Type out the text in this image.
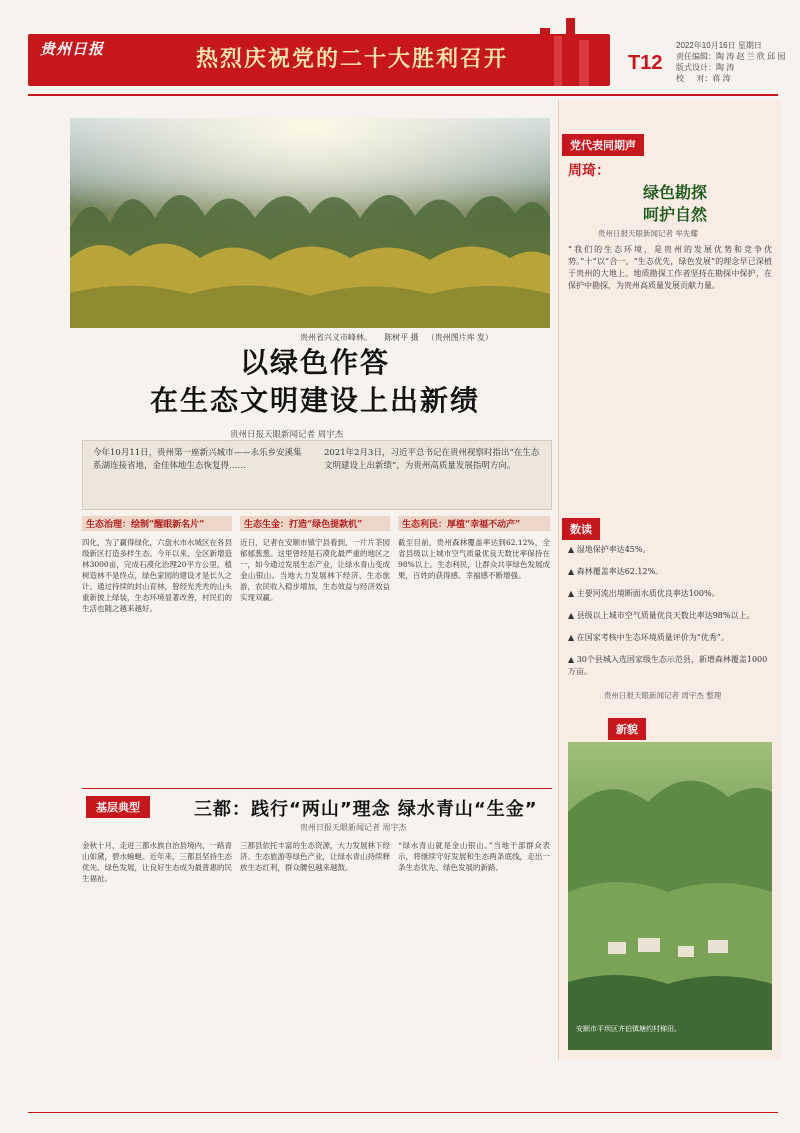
贵州日报	热烈庆祝党的二十大胜利召开	T12
2022年10月16日 星期日
责任编辑：陶 涛 赵 兰 欣 邱 园
版式设计：陶 涛
校 　 对：蒋 涛
贵州省兴义市峰林。 陈树平 摄 （贵州图片库 发）
以绿色作答
在生态文明建设上出新绩
贵州日报天眼新闻记者 周宇杰
今年10月11日，贵州第一座新兴城市——永乐乡安溪集系湖连接省地，金佳体地生态恢复得……
2021年2月3日，习近平总书记在贵州视察时指出“在生态文明建设上出新绩”，为贵州高质量发展指明方向。
生态治理：绘制“醒眼新名片”
四化，为了赢得绿化，六盘水市水城区在各县级新区打造多样生态。今年以来，全区新增造林3000亩，完成石漠化治理20平方公里。植树造林不是终点，绿色家园的建设才是长久之计。通过持续的封山育林，曾经光秃秃的山头重新披上绿装，生态环境显著改善，村民们的生活也随之越来越好。
生态生金：打造“绿色提款机”
近日，记者在安顺市镇宁县看到，一片片茶园郁郁葱葱。这里曾经是石漠化最严重的地区之一，如今通过发展生态产业，让绿水青山变成金山银山。当地大力发展林下经济、生态旅游，农民收入稳步增加，生态效益与经济效益实现双赢。
生态利民：厚植“幸福不动产”
截至目前，贵州森林覆盖率达到62.12%，全省县级以上城市空气质量优良天数比率保持在98%以上。生态利民，让群众共享绿色发展成果，百姓的获得感、幸福感不断增强。
党代表同期声
周琦：
绿色勘探
呵护自然
贵州日报天眼新闻记者 牟先耀
“我们的生态环境，是贵州的发展优势和竞争优势。”十“以”合一。“生态优先，绿色发展”的理念早已深植于贵州的大地上。地质勘探工作者坚持在勘探中保护，在保护中勘探，为贵州高质量发展贡献力量。
数读
▲ 湿地保护率达45%。
▲ 森林覆盖率达62.12%。
▲ 主要河流出境断面水质优良率达100%。
▲ 县级以上城市空气质量优良天数比率达98%以上。
▲ 在国家考核中生态环境质量评价为“优秀”。
▲ 30个县城入选国家级生态示范县，新增森林覆盖1000万亩。
贵州日报天眼新闻记者 周宇杰 整理
新貌
安顺市平坝区齐伯镇塘约村梯田。
基层典型	三都：践行“两山”理念 绿水青山“生金”
贵州日报天眼新闻记者 周宇杰
金秋十月，走进三都水族自治县境内，一路青山如黛，碧水蜿蜒。近年来，三都县坚持生态优先、绿色发展，让良好生态成为最普惠的民生福祉。
三都县依托丰富的生态资源，大力发展林下经济、生态旅游等绿色产业，让绿水青山持续释放生态红利，群众腰包越来越鼓。
“绿水青山就是金山银山。”当地干部群众表示，将继续守好发展和生态两条底线，走出一条生态优先、绿色发展的新路。
